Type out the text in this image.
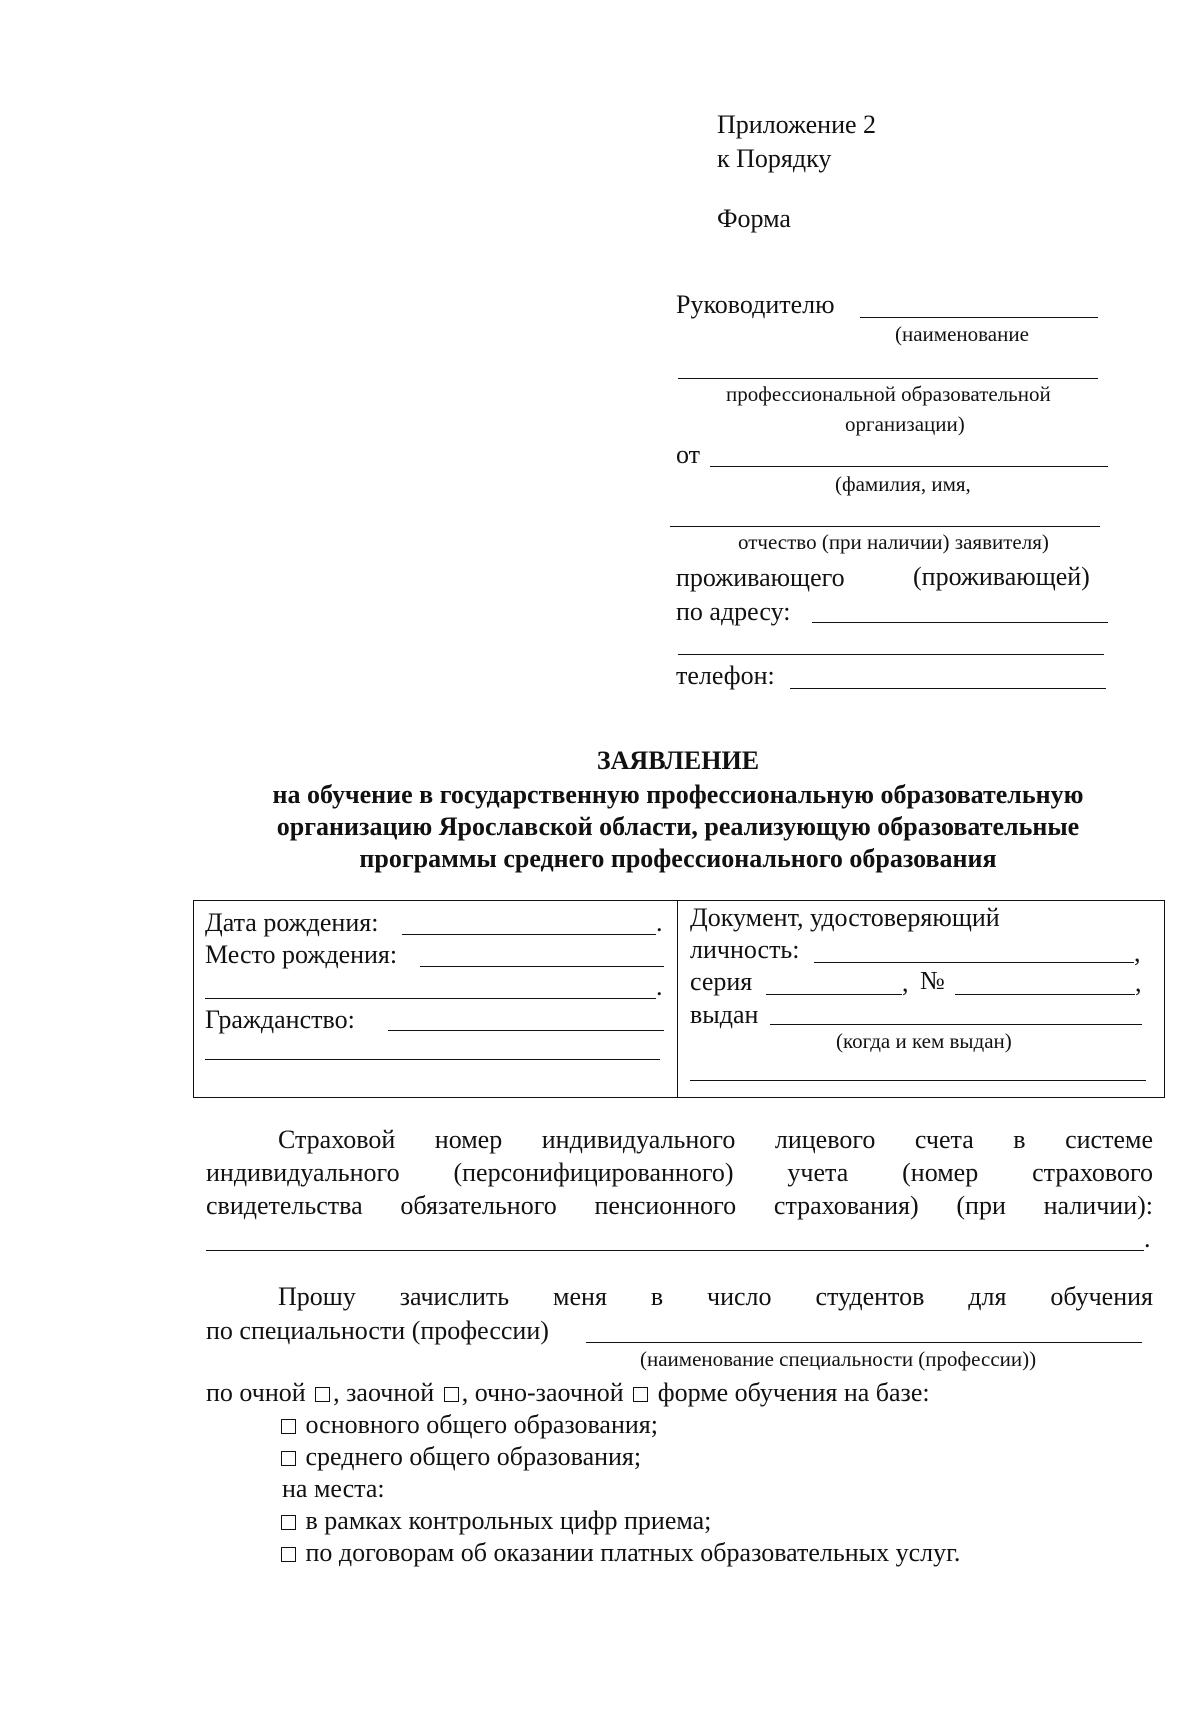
Приложение 2
к Порядку
Форма
Руководителю
(наименование
профессиональной образовательной
организации)
от
(фамилия, имя,
отчество (при наличии) заявителя)
проживающего	(проживающей)
по адресу:
телефон:
ЗАЯВЛЕНИЕ
на обучение в государственную профессиональную образовательную
организацию Ярославской области, реализующую образовательные
программы среднего профессионального образования
Дата рождения:	.
Место рождения:
.
Гражданство:
Документ, удостоверяющий
личность:	,
серия	, №	,
выдан
(когда и кем выдан)
Страховой номер индивидуального лицевого счета в системе
индивидуального (персонифицированного) учета (номер страхового
свидетельства обязательного пенсионного страхования) (при наличии):
.
Прошу зачислить меня в число студентов для обучения
по специальности (профессии)
(наименование специальности (профессии))
по очной , заочной , очно-заочной форме обучения на базе:
основного общего образования;
среднего общего образования;
на места:
в рамках контрольных цифр приема;
по договорам об оказании платных образовательных услуг.
